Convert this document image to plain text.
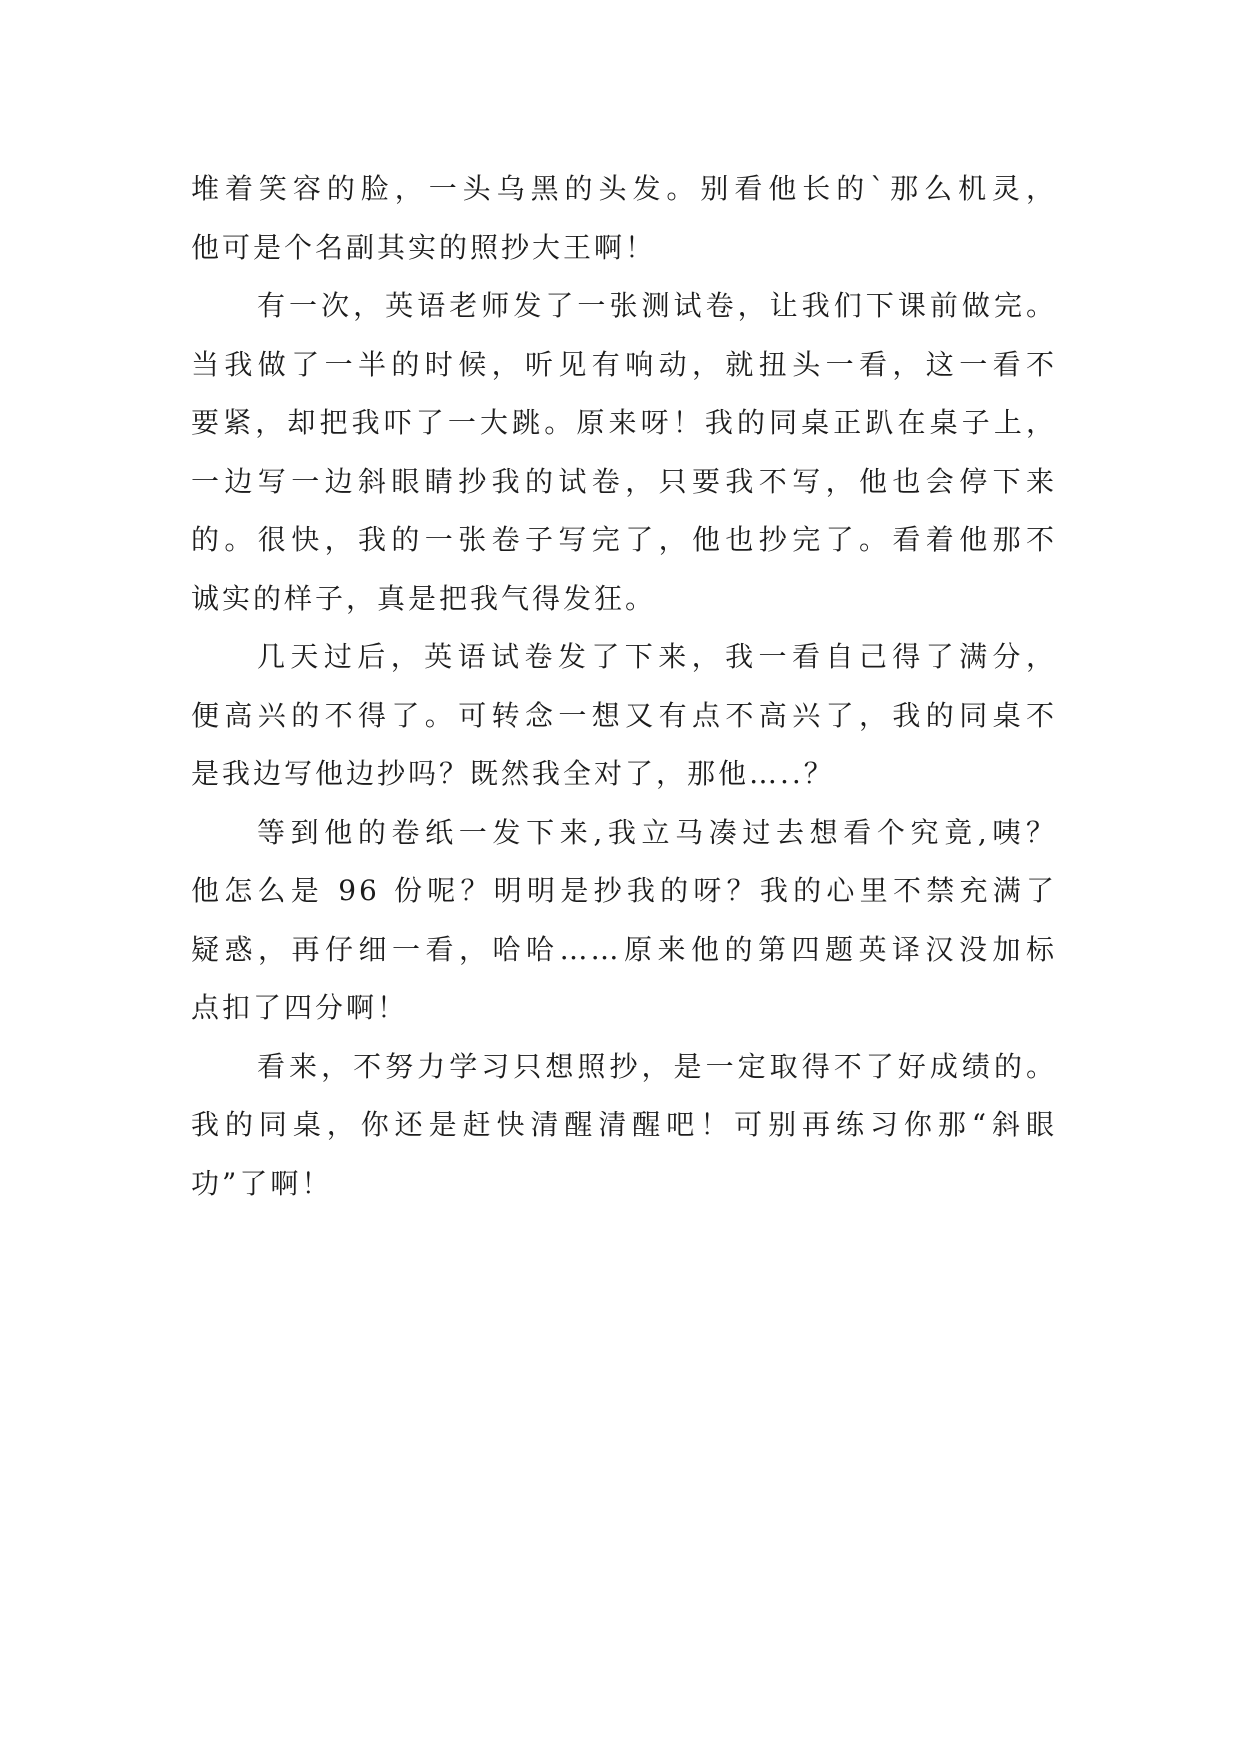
堆着笑容的脸，一头乌黑的头发。别看他长的`那么机灵，
他可是个名副其实的照抄大王啊！
有一次，英语老师发了一张测试卷，让我们下课前做完。
当我做了一半的时候，听见有响动，就扭头一看，这一看不
要紧，却把我吓了一大跳。原来呀！我的同桌正趴在桌子上，
一边写一边斜眼睛抄我的试卷，只要我不写，他也会停下来
的。很快，我的一张卷子写完了，他也抄完了。看着他那不
诚实的样子，真是把我气得发狂。
几天过后，英语试卷发了下来，我一看自己得了满分，
便高兴的不得了。可转念一想又有点不高兴了，我的同桌不
是我边写他边抄吗？既然我全对了，那他…..？
等到他的卷纸一发下来,我立马凑过去想看个究竟,咦？
他怎么是 96 份呢？明明是抄我的呀？我的心里不禁充满了
疑惑，再仔细一看，哈哈……原来他的第四题英译汉没加标
点扣了四分啊！
看来，不努力学习只想照抄，是一定取得不了好成绩的。
我的同桌，你还是赶快清醒清醒吧！可别再练习你那“斜眼
功”了啊！
